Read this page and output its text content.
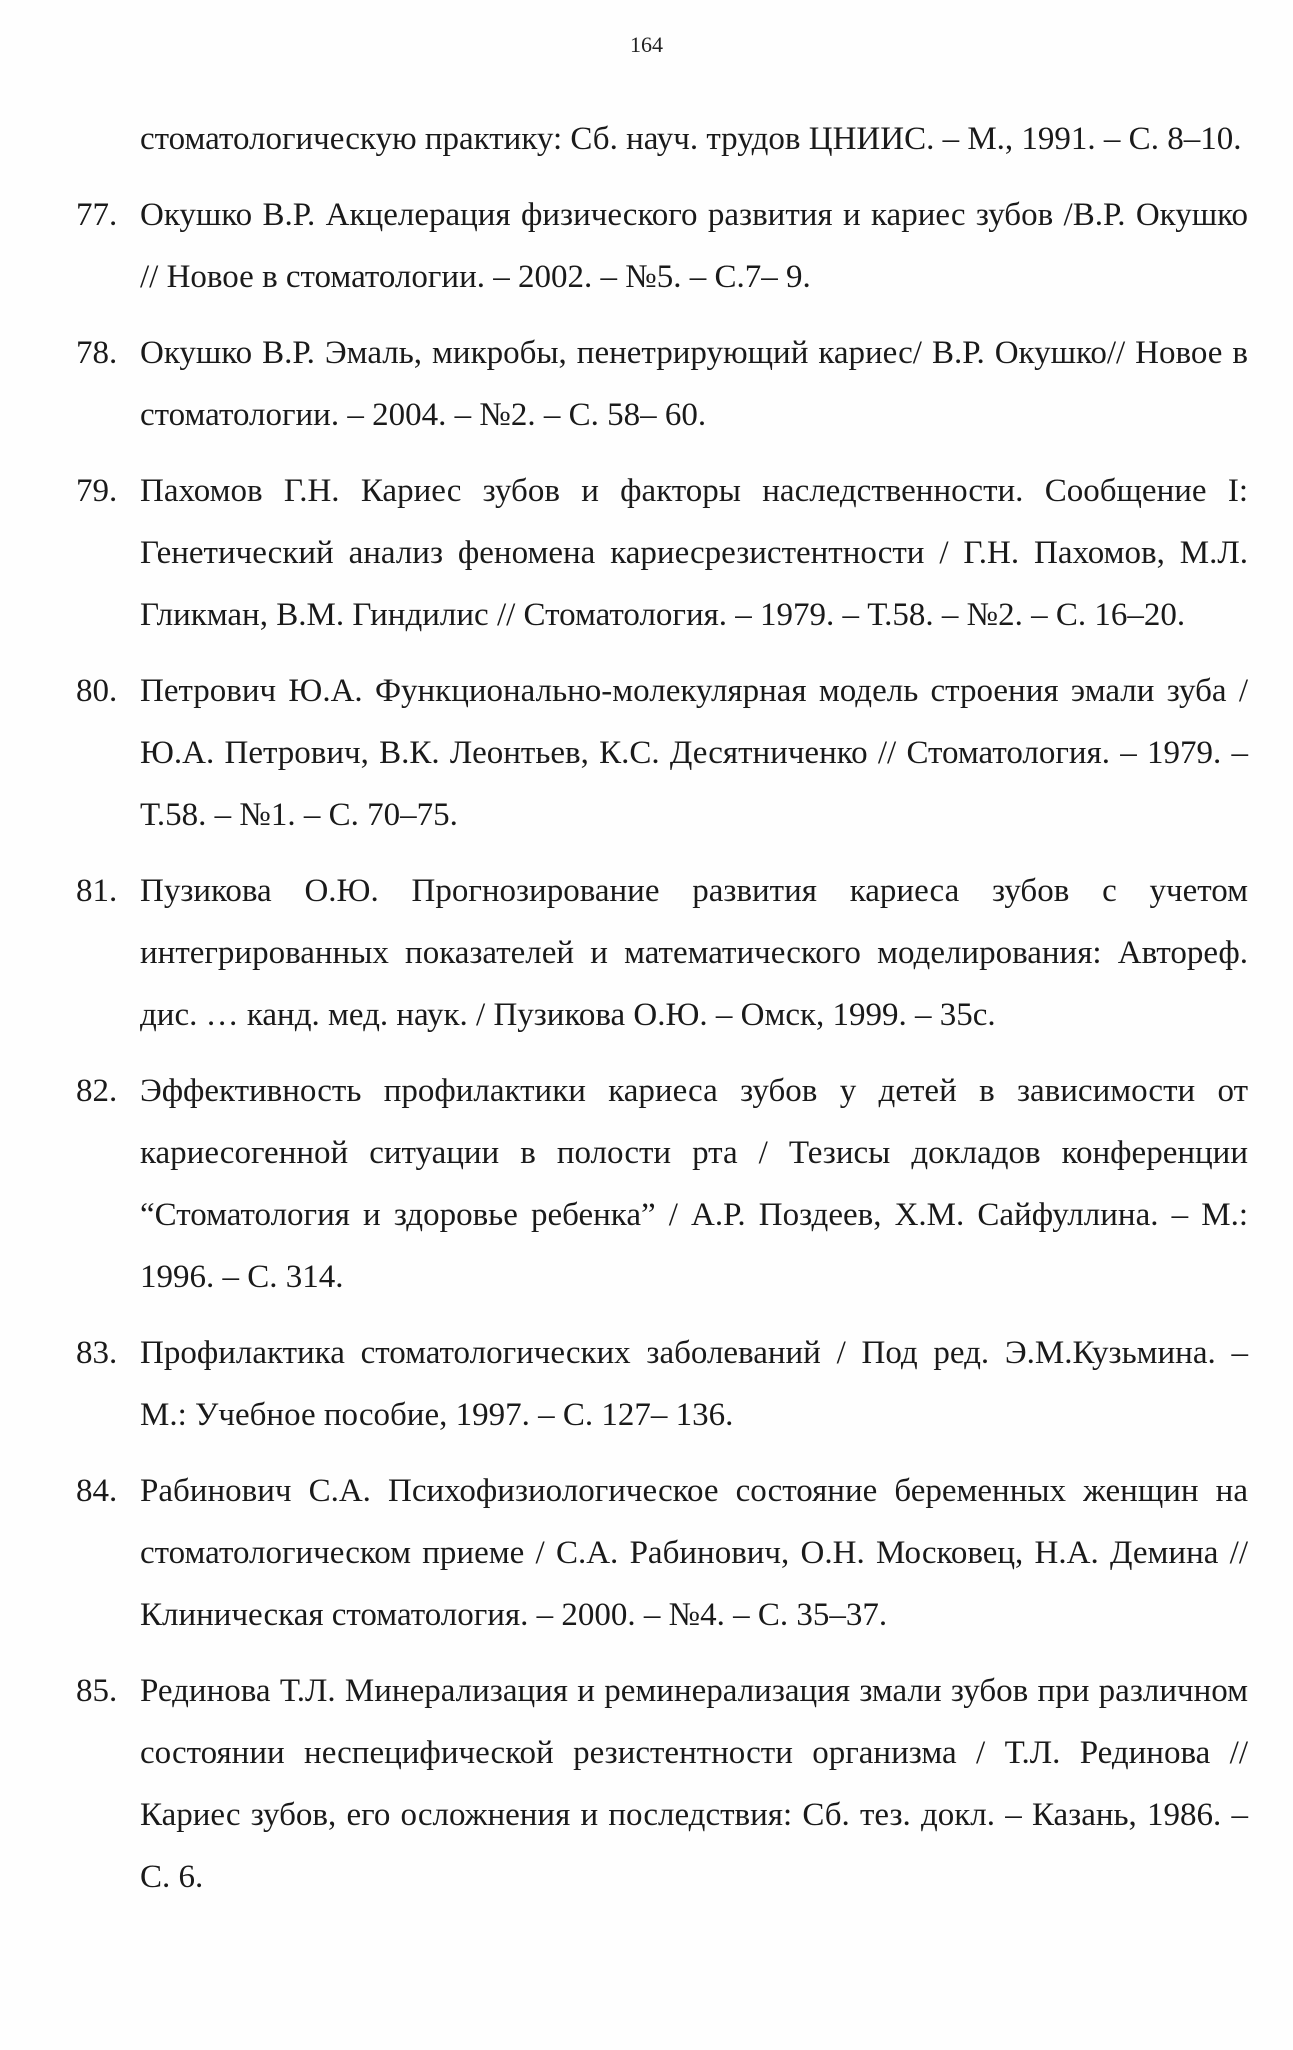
164

стоматологическую практику: Сб. науч. трудов ЦНИИС. – М., 1991. – С. 8–10.

77. Окушко В.Р. Акцелерация физического развития и кариес зубов /В.Р. Окушко // Новое в стоматологии. – 2002. – №5. – С.7– 9.

78. Окушко В.Р. Эмаль, микробы, пенетрирующий кариес/ В.Р. Окушко// Новое в стоматологии. – 2004. – №2. – С. 58– 60.

79. Пахомов Г.Н. Кариес зубов и факторы наследственности. Сообщение I: Генетический анализ феномена кариесрезистентности / Г.Н. Пахомов, М.Л. Гликман, В.М. Гиндилис // Стоматология. – 1979. – Т.58. – №2. – С. 16–20.

80. Петрович Ю.А. Функционально-молекулярная модель строения эмали зуба / Ю.А. Петрович, В.К. Леонтьев, К.С. Десятниченко // Стоматология. – 1979. – Т.58. – №1. – С. 70–75.

81. Пузикова О.Ю. Прогнозирование развития кариеса зубов с учетом интегрированных показателей и математического моделирования: Автореф. дис. … канд. мед. наук. / Пузикова О.Ю. – Омск, 1999. – 35с.

82. Эффективность профилактики кариеса зубов у детей в зависимости от кариесогенной ситуации в полости рта / Тезисы докладов конференции “Стоматология и здоровье ребенка” / А.Р. Поздеев, Х.М. Сайфуллина. – М.: 1996. – С. 314.

83. Профилактика стоматологических заболеваний / Под ред. Э.М.Кузьмина. – М.: Учебное пособие, 1997. – С. 127– 136.

84. Рабинович С.А. Психофизиологическое состояние беременных женщин на стоматологическом приеме / С.А. Рабинович, О.Н. Московец, Н.А. Демина // Клиническая стоматология. – 2000. – №4. – С. 35–37.

85. Рединова Т.Л. Минерализация и реминерализация змали зубов при различном состоянии неспецифической резистентности организма / Т.Л. Рединова // Кариес зубов, его осложнения и последствия: Сб. тез. докл. – Казань, 1986. – С. 6.
